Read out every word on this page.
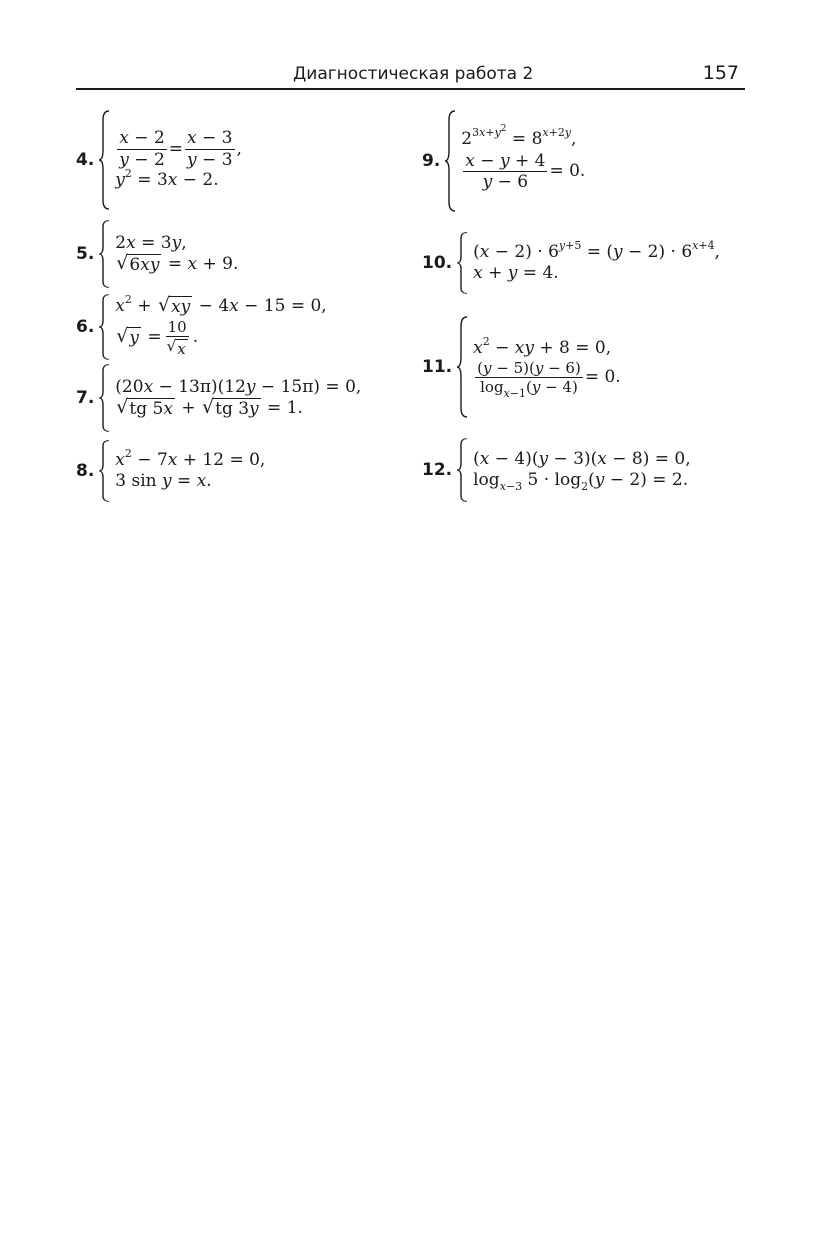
Диагностическая работа 2	157
4. $\frac{x - 2}{y - 2} = \frac{x - 3}{y - 3}$ ,
$y^2 = 3x - 2$.
5.
2x = 3y,
√ 6xy = x + 9.
6.
$x^2$ + √ xy − 4x − 15 = 0,
√ $y = \frac{10}{√ x}$ .
7.
(20x − 13π)(12y − 15π) = 0,
√ tg 5x + √ tg 3y = 1.
8.
$x^2 - 7x + 12 = 0$,
3 sin y = x.
9.
$2^{3x+y^2} = 8^{x+2y}$,
$\frac{x - y + 4}{y - 6} = 0$.
10.
$(x - 2) \cdot 6^{y+5} = (y - 2) \cdot 6^{x+4}$,
x + y = 4.
11.
$x^2$ − xy + 8 = 0,
$\frac{(y - 5)(y - 6)}{\log_{x-1}(y - 4)} = 0$.
12.
(x − 4)(y − 3)(x − 8) = 0,
$\log_{x-3} 5 \cdot \log_2(y - 2) = 2$.
